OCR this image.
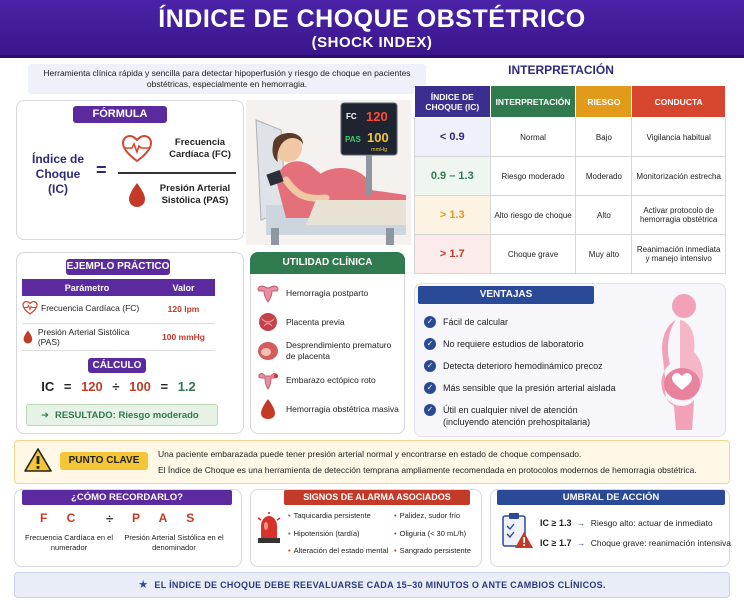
ÍNDICE DE CHOQUE OBSTÉTRICO
(SHOCK INDEX)
Herramienta clínica rápida y sencilla para detectar hipoperfusión y riesgo de choque en pacientes obstétricas, especialmente en hemorragia.
FÓRMULA
Índice de Choque (IC)
=
Frecuencia Cardíaca (FC)
Presión Arterial Sistólica (PAS)
FC 120
PAS 100
mmHg
INTERPRETACIÓN
ÍNDICE DE CHOQUE (IC)	INTERPRETACIÓN	RIESGO	CONDUCTA
< 0.9	Normal	Bajo	Vigilancia habitual
0.9 – 1.3	Riesgo moderado	Moderado	Monitorización estrecha
> 1.3	Alto riesgo de choque	Alto	Activar protocolo de hemorragia obstétrica
> 1.7	Choque grave	Muy alto	Reanimación inmediata y manejo intensivo
EJEMPLO PRÁCTICO
Parámetro	Valor

Frecuencia Cardíaca (FC)	120 lpm

Presión Arterial Sistólica (PAS)	100 mmHg
CÁLCULO
IC = 120 ÷ 100 = 1.2
➜ RESULTADO: Riesgo moderado
UTILIDAD CLÍNICA
Hemorragia postparto
Placenta previa
Desprendimiento prematuro de placenta
Embarazo ectópico roto
Hemorragia obstétrica masiva
VENTAJAS
✓ Fácil de calcular
✓ No requiere estudios de laboratorio
✓ Detecta deterioro hemodinámico precoz
✓ Más sensible que la presión arterial aislada
✓ Útil en cualquier nivel de atención (incluyendo atención prehospitalaria)
PUNTO CLAVE
Una paciente embarazada puede tener presión arterial normal y encontrarse en estado de choque compensado.
El Índice de Choque es una herramienta de detección temprana ampliamente recomendada en protocolos modernos de hemorragia obstétrica.
¿CÓMO RECORDARLO?
F C ÷ P A S
Frecuencia Cardíaca en el numerador
Presión Arterial Sistólica en el denominador
SIGNOS DE ALARMA ASOCIADOS
• Taquicardia persistente
• Hipotensión (tardía)
• Alteración del estado mental
• Palidez, sudor frío
• Oliguria (< 30 mL/h)
• Sangrado persistente
UMBRAL DE ACCIÓN
IC ≥ 1.3 → Riesgo alto: actuar de inmediato
IC ≥ 1.7 → Choque grave: reanimación intensiva
★ EL ÍNDICE DE CHOQUE DEBE REEVALUARSE CADA 15–30 MINUTOS O ANTE CAMBIOS CLÍNICOS.
